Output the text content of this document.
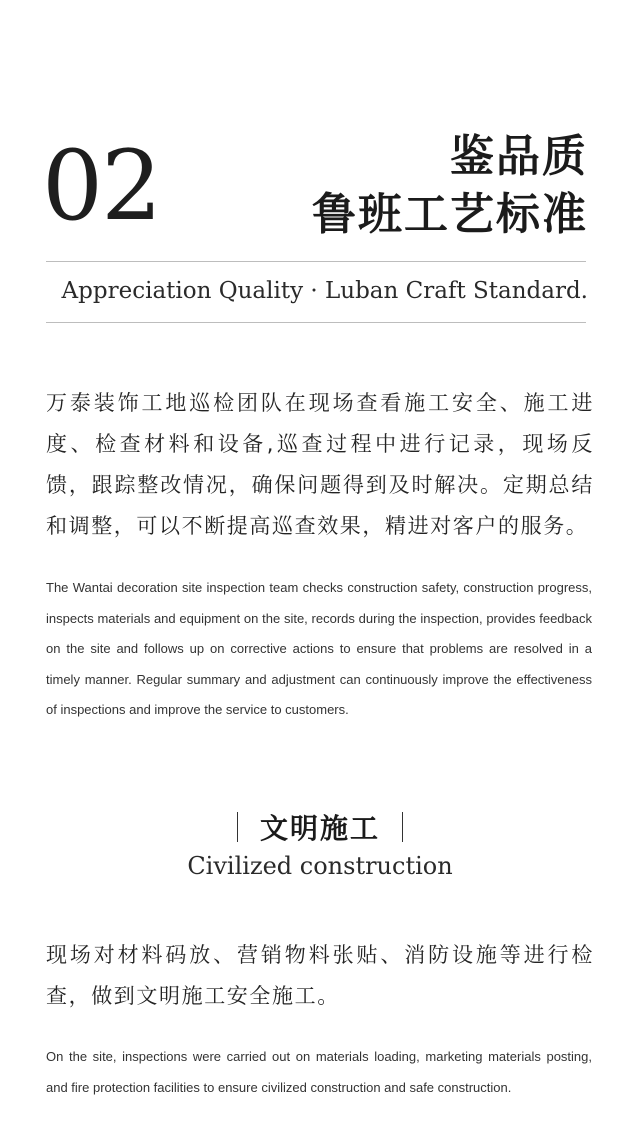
02	鉴品质
鲁班工艺标准
Appreciation Quality · Luban Craft Standard.
万泰装饰工地巡检团队在现场查看施工安全、施工进度、检查材料和设备,巡查过程中进行记录，现场反馈，跟踪整改情况，确保问题得到及时解决。定期总结和调整，可以不断提高巡查效果，精进对客户的服务。
The Wantai decoration site inspection team checks construction safety, construction progress, inspects materials and equipment on the site, records during the inspection, provides feedback on the site and follows up on corrective actions to ensure that problems are resolved in a timely manner. Regular summary and adjustment can continuously improve the effectiveness of inspections and improve the service to customers.
文明施工
Civilized construction
现场对材料码放、营销物料张贴、消防设施等进行检查，做到文明施工安全施工。
On the site, inspections were carried out on materials loading, marketing materials posting, and fire protection facilities to ensure civilized construction and safe construction.
